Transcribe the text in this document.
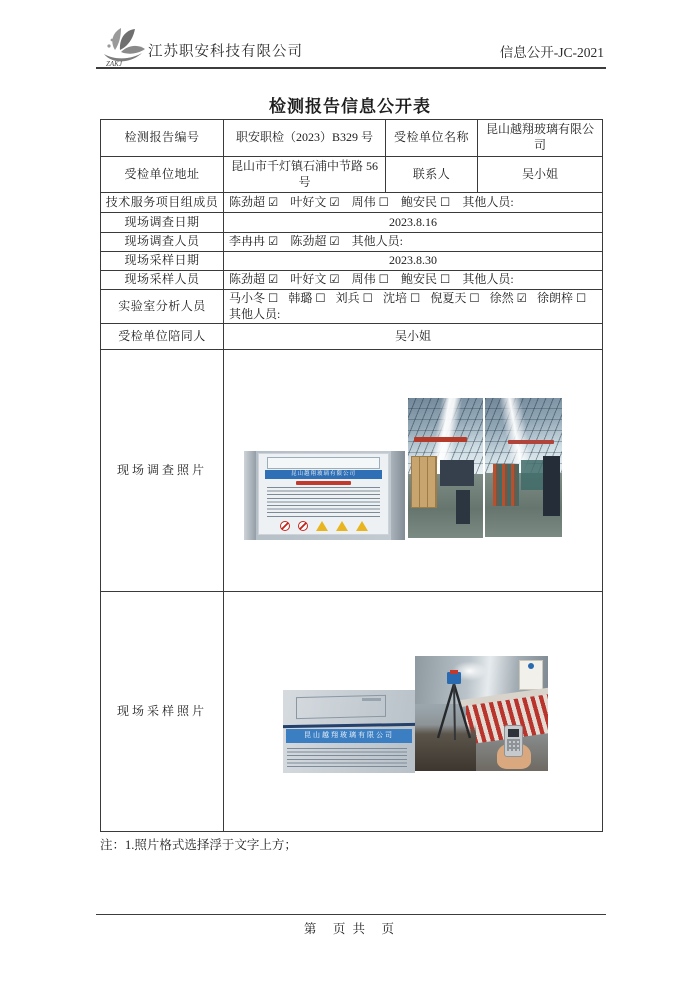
ZAKJ
江苏职安科技有限公司	信息公开-JC-2021
检测报告信息公开表
检测报告编号	职安职检（2023）B329 号	受检单位名称	昆山越翔玻璃有限公司
受检单位地址	昆山市千灯镇石浦中节路 56号	联系人	吴小姐
技术服务项目组成员	陈劲超 ☑ 叶好文 ☑ 周伟 ☐ 鲍安民 ☐ 其他人员:		
现场调查日期	2023.8.16		
现场调查人员	李冉冉 ☑ 陈劲超 ☑ 其他人员:		
现场采样日期	2023.8.30		
现场采样人员	陈劲超 ☑ 叶好文 ☑ 周伟 ☐ 鲍安民 ☐ 其他人员:		
实验室分析人员	马小冬 ☐ 韩璐 ☐ 刘兵 ☐ 沈培 ☐ 倪夏天 ☐ 徐然 ☑ 徐朗梓 ☐
其他人员:		

受检单位陪同人	吴小姐		
现场调查照片	昆山越翔玻璃有限公司		

现场采样照片	昆山越翔玻璃有限公司		
注：1.照片格式选择浮于文字上方；
第　页 共　页
